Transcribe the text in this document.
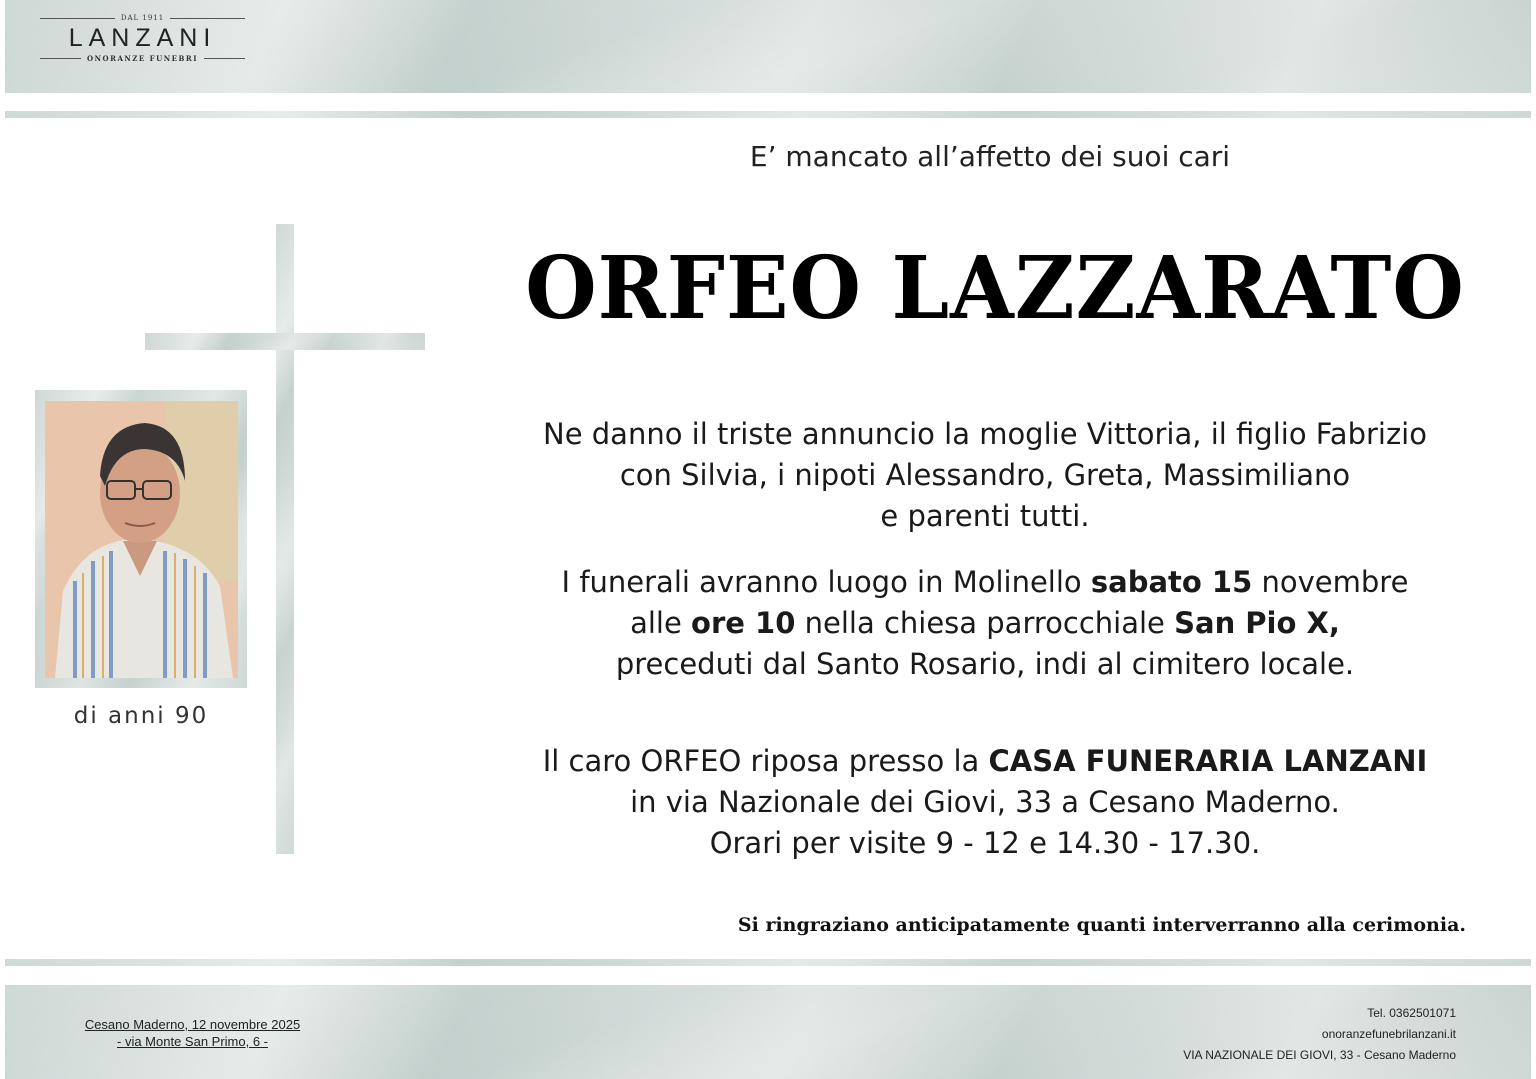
DAL 1911
LANZANI
ONORANZE FUNEBRI
di anni 90
E’ mancato all’affetto dei suoi cari
ORFEO LAZZARATO
Ne danno il triste annuncio la moglie Vittoria, il figlio Fabrizio
con Silvia, i nipoti Alessandro, Greta, Massimiliano
e parenti tutti.
I funerali avranno luogo in Molinello sabato 15 novembre
alle ore 10 nella chiesa parrocchiale San Pio X,
preceduti dal Santo Rosario, indi al cimitero locale.
Il caro ORFEO riposa presso la CASA FUNERARIA LANZANI
in via Nazionale dei Giovi, 33 a Cesano Maderno.
Orari per visite 9 - 12 e 14.30 - 17.30.
Si ringraziano anticipatamente quanti interverranno alla cerimonia.
Cesano Maderno, 12 novembre 2025
- via Monte San Primo, 6 -
Tel. 0362501071
onoranzefunebrilanzani.it
VIA NAZIONALE DEI GIOVI, 33 - Cesano Maderno
